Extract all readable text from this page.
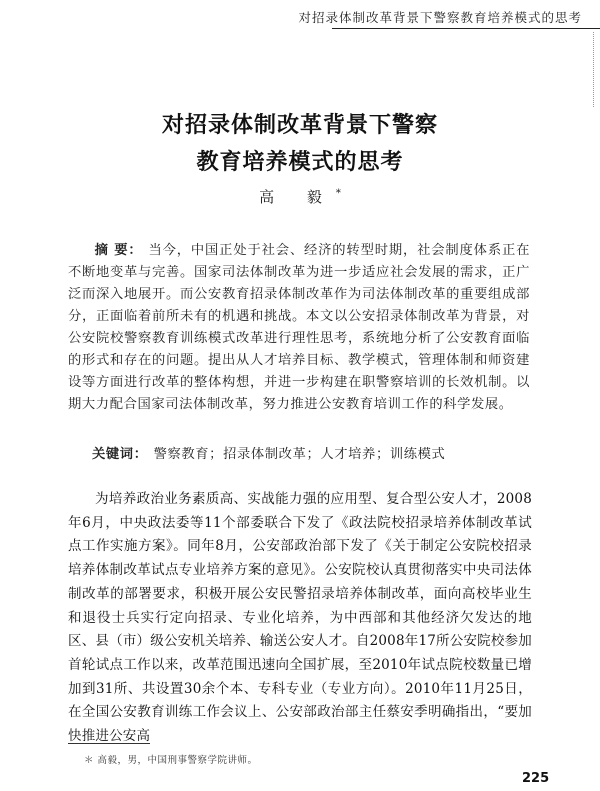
对招录体制改革背景下警察教育培养模式的思考
对招录体制改革背景下警察
教育培养模式的思考
高 毅*
摘 要： 当今，中国正处于社会、经济的转型时期，社会制度体系正在不断地变革与完善。国家司法体制改革为进一步适应社会发展的需求，正广泛而深入地展开。而公安教育招录体制改革作为司法体制改革的重要组成部分，正面临着前所未有的机遇和挑战。本文以公安招录体制改革为背景，对公安院校警察教育训练模式改革进行理性思考，系统地分析了公安教育面临的形式和存在的问题。提出从人才培养目标、教学模式，管理体制和师资建设等方面进行改革的整体构想，并进一步构建在职警察培训的长效机制。以期大力配合国家司法体制改革，努力推进公安教育培训工作的科学发展。
关键词： 警察教育；招录体制改革；人才培养；训练模式
为培养政治业务素质高、实战能力强的应用型、复合型公安人才，2008年6月，中央政法委等11个部委联合下发了《政法院校招录培养体制改革试点工作实施方案》。同年8月，公安部政治部下发了《关于制定公安院校招录培养体制改革试点专业培养方案的意见》。公安院校认真贯彻落实中央司法体制改革的部署要求，积极开展公安民警招录培养体制改革，面向高校毕业生和退役士兵实行定向招录、专业化培养，为中西部和其他经济欠发达的地区、县（市）级公安机关培养、输送公安人才。自2008年17所公安院校参加首轮试点工作以来，改革范围迅速向全国扩展，至2010年试点院校数量已增加到31所、共设置30余个本、专科专业（专业方向）。2010年11月25日，在全国公安教育训练工作会议上、公安部政治部主任蔡安季明确指出，“要加快推进公安高
＊ 高毅，男，中国刑事警察学院讲师。
225
